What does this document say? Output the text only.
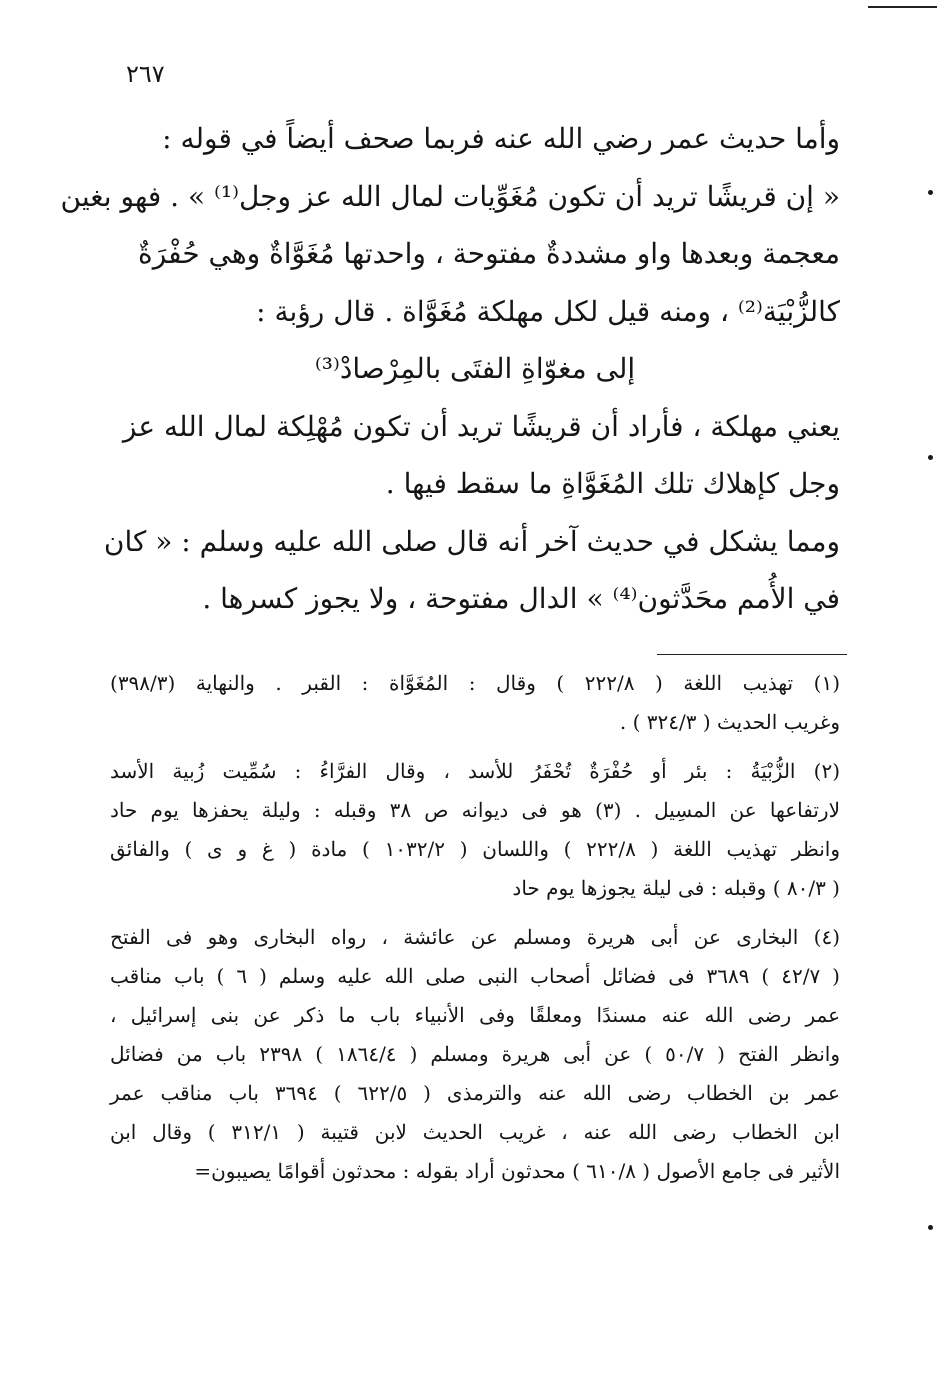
٢٦٧
وأما حديث عمر رضي الله عنه فربما صحف أيضاً في قوله :
« إن قريشًا تريد أن تكون مُغَوِّيات لمال الله عز وجل⁽¹⁾ » . فهو بغين
معجمة وبعدها واو مشددةٌ مفتوحة ، واحدتها مُغَوَّاةٌ وهي حُفْرَةٌ
كالزُّبْيَة⁽²⁾ ، ومنه قيل لكل مهلكة مُغَوَّاة . قال رؤبة :
إلى مغوّاةِ الفتَى بالمِرْصادْ⁽³⁾
يعني مهلكة ، فأراد أن قريشًا تريد أن تكون مُهْلِكة لمال الله عز
وجل كإهلاك تلك المُغَوَّاةِ ما سقط فيها .
ومما يشكل في حديث آخر أنه قال صلى الله عليه وسلم : « كان
في الأُمم محَدَّثون⁽⁴⁾ » الدال مفتوحة ، ولا يجوز كسرها .
(١) تهذيب اللغة ( ٢٢٢/٨ ) وقال : المُغَوَّاة : القبر . والنهاية (٣٩٨/٣)
وغريب الحديث ( ٣٢٤/٣ ) .
(٢) الزُّبْيَةُ : بئر أو حُفْرَةٌ تُحْفَرُ للأسد ، وقال الفرَّاءُ : سُمِّيت زُبية الأسد
لارتفاعها عن المسِيل . (٣) هو فى ديوانه ص ٣٨ وقبله : وليلة يحفزها يوم حاد
وانظر تهذيب اللغة ( ٢٢٢/٨ ) واللسان ( ١٠٣٢/٢ ) مادة ( غ و ى ) والفائق
( ٨٠/٣ ) وقبله : فى ليلة يجوزها يوم حاد
(٤) البخارى عن أبى هريرة ومسلم عن عائشة ، رواه البخارى وهو فى الفتح
( ٤٢/٧ ) ٣٦٨٩ فى فضائل أصحاب النبى صلى الله عليه وسلم ( ٦ ) باب مناقب
عمر رضى الله عنه مسندًا ومعلقًا وفى الأنبياء باب ما ذكر عن بنى إسرائيل ،
وانظر الفتح ( ٥٠/٧ ) عن أبى هريرة ومسلم ( ١٨٦٤/٤ ) ٢٣٩٨ باب من فضائل
عمر بن الخطاب رضى الله عنه والترمذى ( ٦٢٢/٥ ) ٣٦٩٤ باب مناقب عمر
ابن الخطاب رضى الله عنه ، غريب الحديث لابن قتيبة ( ٣١٢/١ ) وقال ابن
الأثير فى جامع الأصول ( ٦١٠/٨ ) محدثون أراد بقوله : محدثون أقوامًا يصيبون=
